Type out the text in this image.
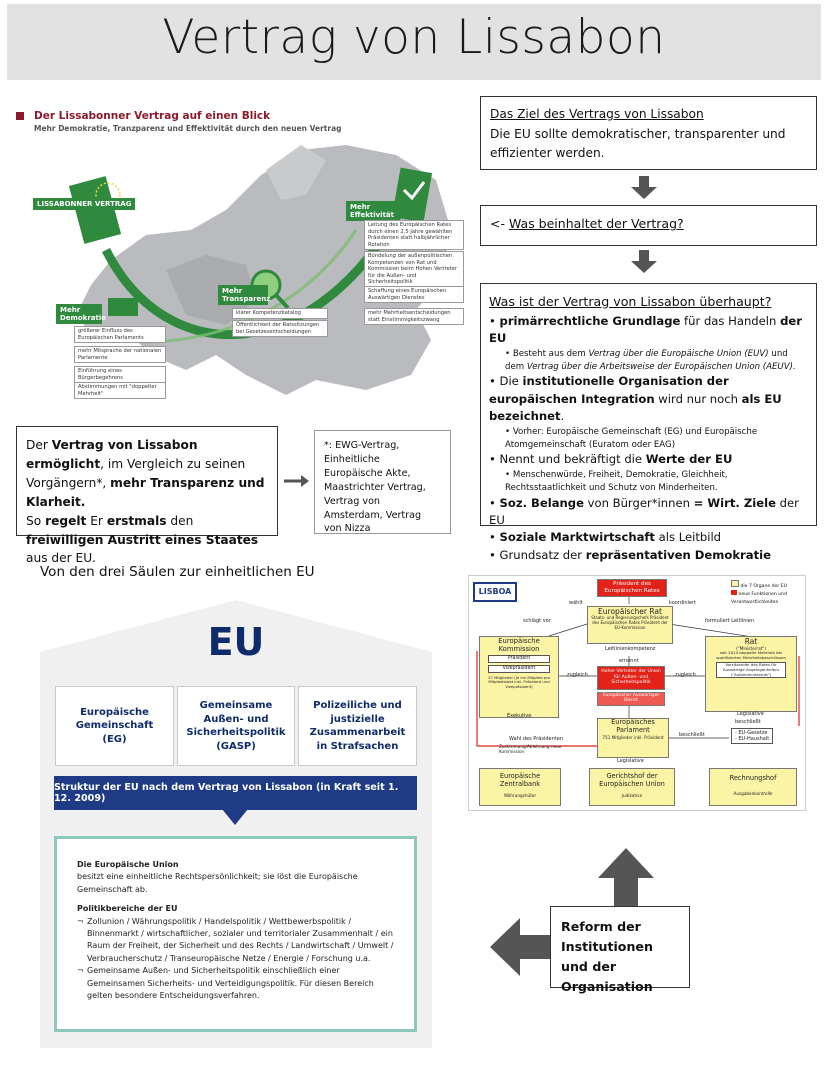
Vertrag von Lissabon
Der Lissabonner Vertrag auf einen Blick
Mehr Demokratie, Tranzparenz und Effektivität durch den neuen Vertrag
LISSABONNER VERTRAG
Mehr Demokratie
Mehr Transparenz
Mehr Effektivität
größerer Einfluss des Europäischen Parlaments
mehr Mitsprache der nationalen Parlamente
Einführung eines Bürgerbegehrens
Abstimmungen mit "doppelter Mehrheit"
klarer Kompetenzkatalog
Öffentlichkeit der Ratssitzungen bei Gesetzesentscheidungen
Leitung des Europäischen Rates durch einen 2,5 Jahre gewählten Präsidenten statt halbjährlicher Rotation
Bündelung der außenpolitischen Kompetenzen von Rat und Kommission beim Hohen Vertreter für die Außen- und Sicherheitspolitik
Schaffung eines Europäischen Auswärtigen Dienstes
mehr Mehrheitsentscheidungen statt Einstimmigkeitszwang
Das Ziel des Vertrags von Lissabon
Die EU sollte demokratischer, transparenter und effizienter werden.
<- Was beinhaltet der Vertrag?
Was ist der Vertrag von Lissabon überhaupt?
• primärrechtliche Grundlage für das Handeln der EU
• Besteht aus dem Vertrag über die Europäische Union (EUV) und dem Vertrag über die Arbeitsweise der Europäischen Union (AEUV).
• Die institutionelle Organisation der europäischen Integration wird nur noch als EU bezeichnet.
• Vorher: Europäische Gemeinschaft (EG) und Europäische Atomgemeinschaft (Euratom oder EAG)
• Nennt und bekräftigt die Werte der EU
• Menschenwürde, Freiheit, Demokratie, Gleichheit, Rechtsstaatlichkeit und Schutz von Minderheiten.
• Soz. Belange von Bürger*innen = Wirt. Ziele der EU
• Soziale Marktwirtschaft als Leitbild
• Grundsatz der repräsentativen Demokratie
Der Vertrag von Lissabon ermöglicht, im Vergleich zu seinen Vorgängern*, mehr Transparenz und Klarheit.
So regelt Er erstmals den freiwilligen Austritt eines Staates aus der EU.
*: EWG-Vertrag, Einheitliche Europäische Akte, Maastrichter Vertrag, Vertrag von Amsterdam, Vertrag von Nizza
Von den drei Säulen zur einheitlichen EU
EU
Europäische Gemeinschaft (EG)
Gemeinsame Außen- und Sicherheitspolitik (GASP)
Polizeiliche und justizielle Zusammenarbeit in Strafsachen
Struktur der EU nach dem Vertrag von Lissabon (in Kraft seit 1. 12. 2009)
Die Europäische Union
besitzt eine einheitliche Rechtspersönlichkeit; sie löst die Europäische Gemeinschaft ab.
Politikbereiche der EU
¬ Zollunion / Währungspolitik / Handelspolitik / Wettbewerbspolitik / Binnenmarkt / wirtschaftlicher, sozialer und territorialer Zusammenhalt / ein Raum der Freiheit, der Sicherheit und des Rechts / Landwirtschaft / Umwelt / Verbraucherschutz / Transeuropäische Netze / Energie / Forschung u.a.
¬ Gemeinsame Außen- und Sicherheitspolitik einschließlich einer Gemeinsamen Sicherheits- und Verteidigungspolitik. Für diesen Bereich gelten besondere Entscheidungsverfahren.
LISBOA
die 7 Organe der EU
neue Funktionen und Verantwortlichkeiten
Präsident des Europäischen Rates
wählt	koordiniert
Europäischer Rat
Staats- und Regierungschefs Präsident des Europäischen Rates Präsident der EU-Kommission
Leitlinienkompetenz
schlägt vor	formuliert Leitlinien
Europäische Kommission
Präsident
Vizepräsident
27 Mitglieder (je ein Mitglied pro Mitgliedstaat inkl. Präsident und Vizepräsident)
Exekutive
ernennt
zugleich	zugleich
Hoher Vertreter der Union für Außen- und Sicherheitspolitik
Europäischer Auswärtiger Dienst
Rat
("Ministerrat")
seit 2014 doppelte Mehrheit bei qualifizierten Mehrheitsbeschlüssen
Vorsitzender des Rates für Auswärtige Angelegenheiten ("Außenministerrat")
Legislative
Europäisches Parlament
751 Mitglieder inkl. Präsident
Legislative
Wahl des Präsidenten
Zustimmung/Ablehnung neue Kommission
beschließt
beschließt
- EU-Gesetze
- EU-Haushalt
Europäische Zentralbank
Währungshüter
Gerichtshof der Europäischen Union
Judikative
Rechnungshof
Ausgabenkontrolle
Reform der Institutionen und der Organisation
